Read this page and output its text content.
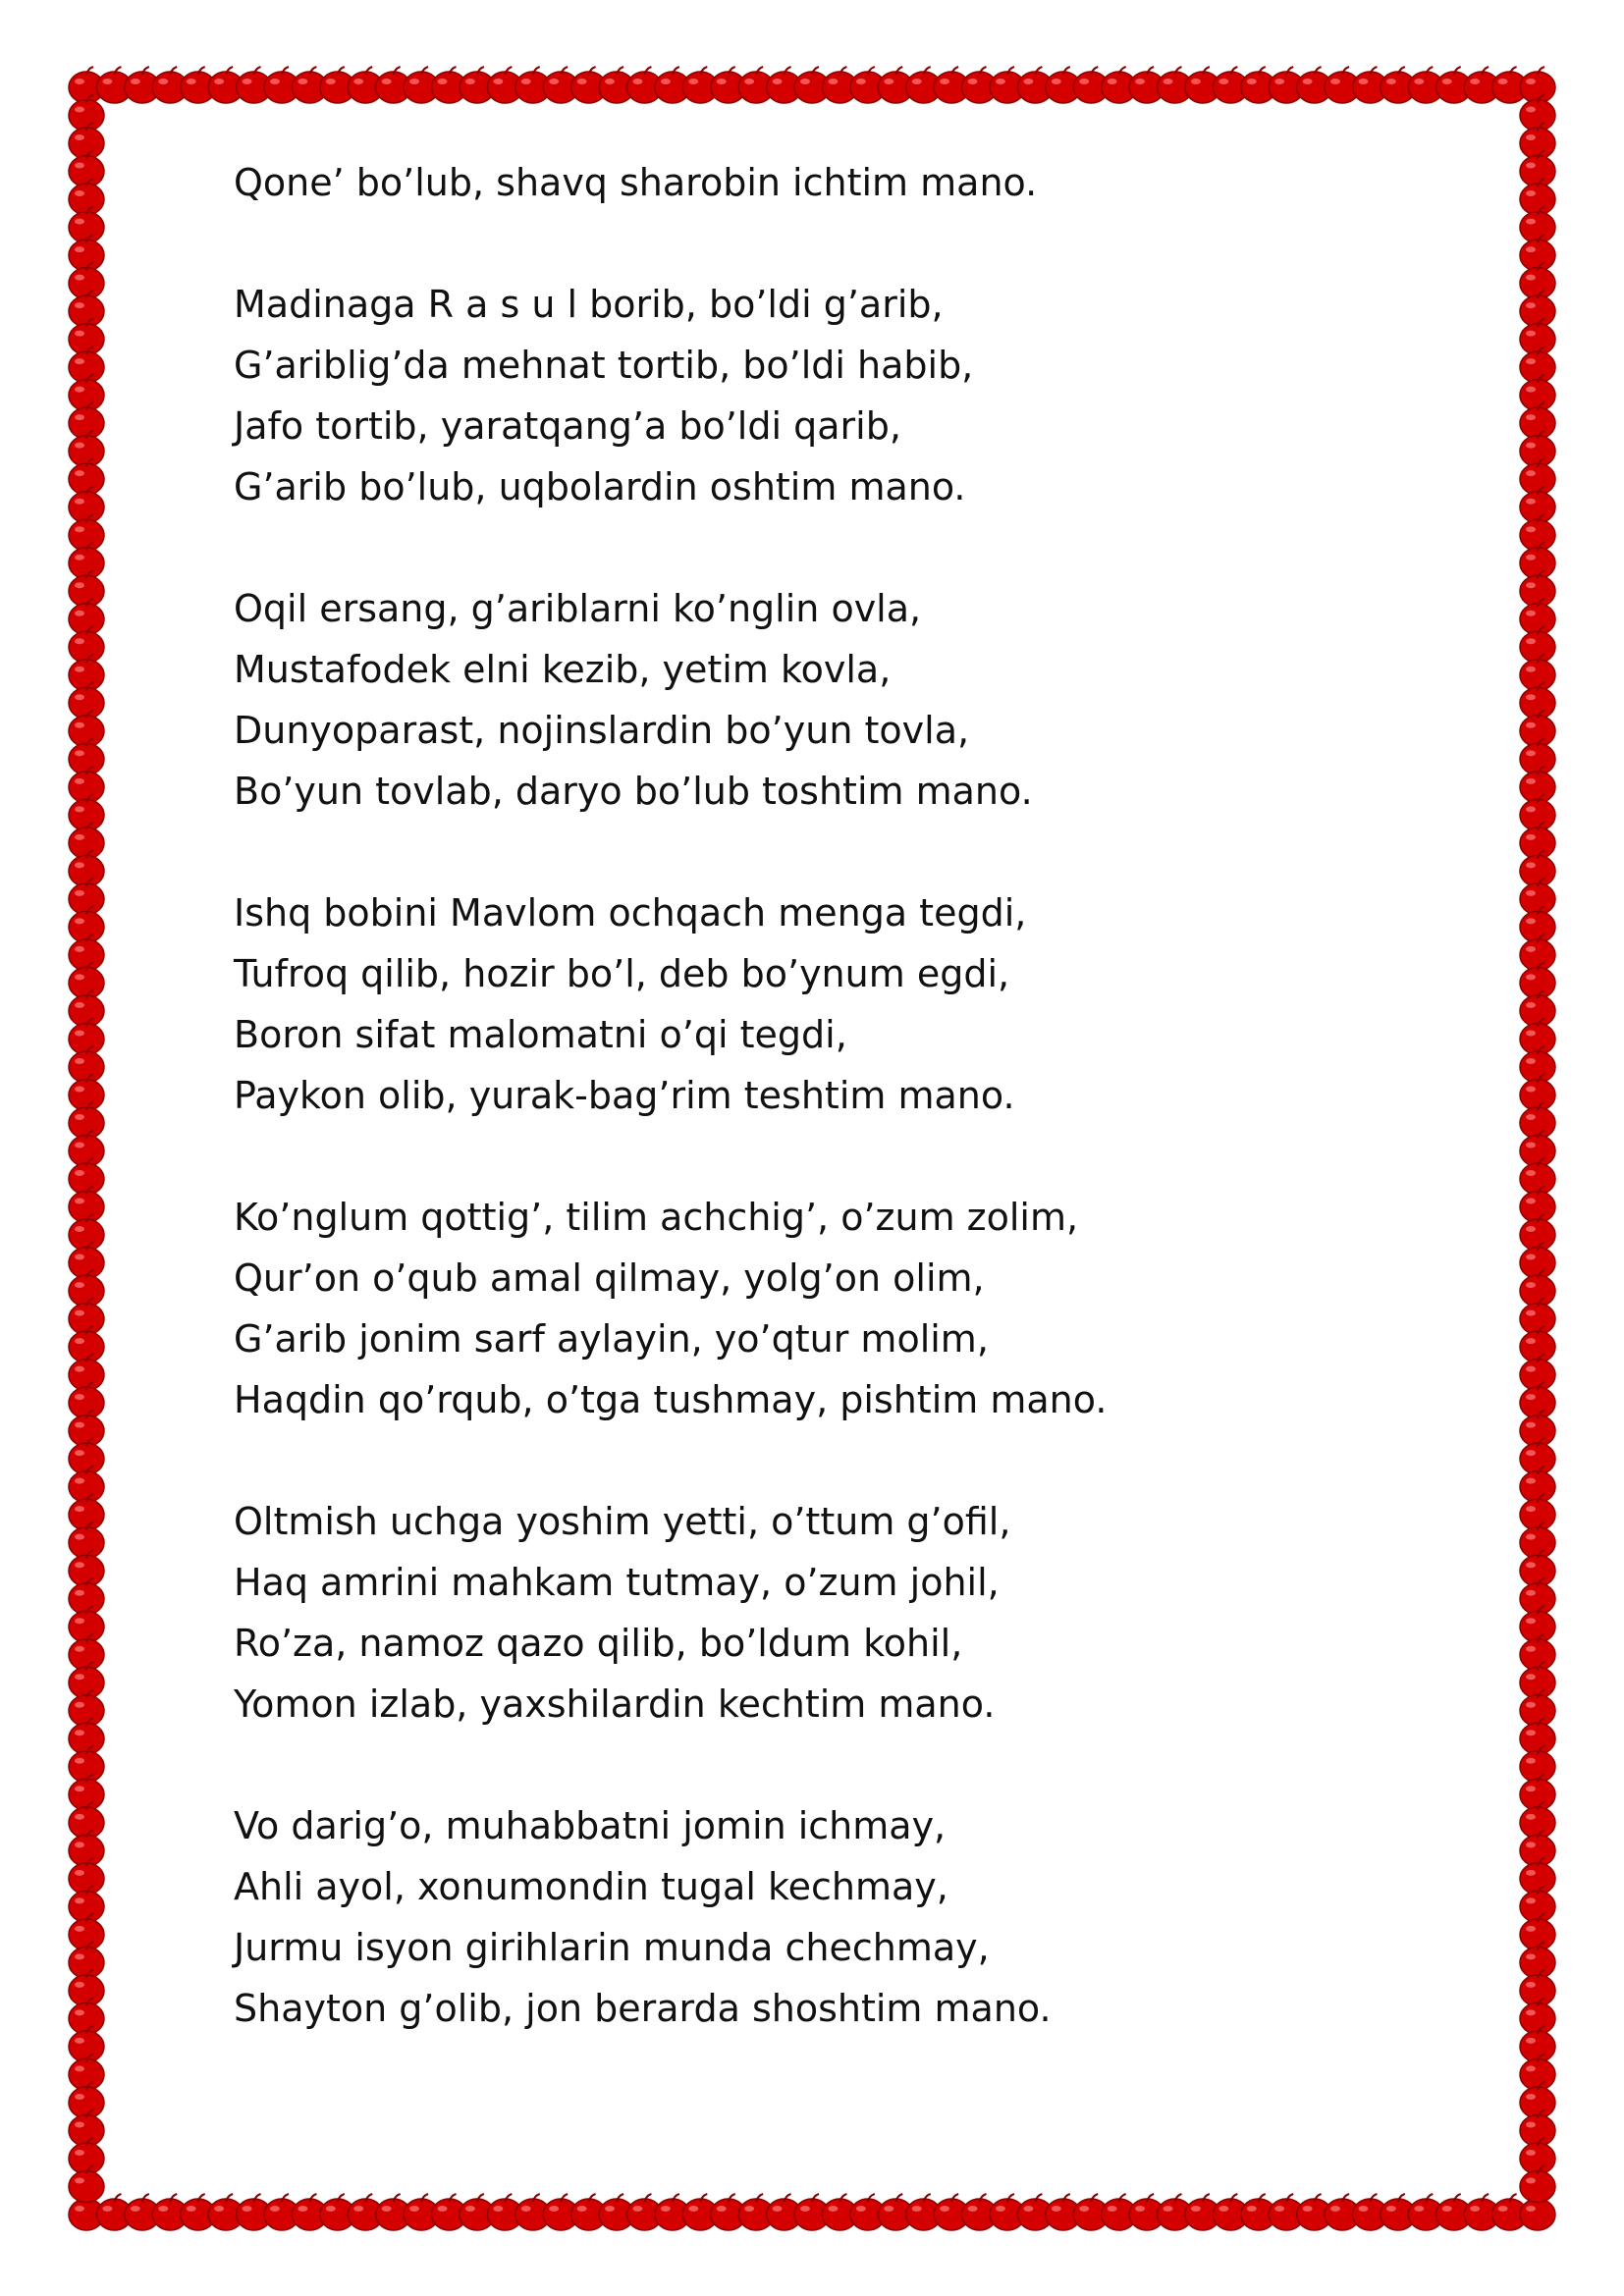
Qone’ bo’lub, shavq sharobin ichtim mano.
Madinaga R a s u l borib, bo’ldi g’arib,
G’ariblig’da mehnat tortib, bo’ldi habib,
Jafo tortib, yaratqang’a bo’ldi qarib,
G’arib bo’lub, uqbolardin oshtim mano.
Oqil ersang, g’ariblarni ko’nglin ovla,
Mustafodek elni kezib, yetim kovla,
Dunyoparast, nojinslardin bo’yun tovla,
Bo’yun tovlab, daryo bo’lub toshtim mano.
Ishq bobini Mavlom ochqach menga tegdi,
Tufroq qilib, hozir bo’l, deb bo’ynum egdi,
Boron sifat malomatni o’qi tegdi,
Paykon olib, yurak-bag’rim teshtim mano.
Ko’nglum qottig’, tilim achchig’, o’zum zolim,
Qur’on o’qub amal qilmay, yolg’on olim,
G’arib jonim sarf aylayin, yo’qtur molim,
Haqdin qo’rqub, o’tga tushmay, pishtim mano.
Oltmish uchga yoshim yetti, o’ttum g’ofil,
Haq amrini mahkam tutmay, o’zum johil,
Ro’za, namoz qazo qilib, bo’ldum kohil,
Yomon izlab, yaxshilardin kechtim mano.
Vo darig’o, muhabbatni jomin ichmay,
Ahli ayol, xonumondin tugal kechmay,
Jurmu isyon girihlarin munda chechmay,
Shayton g’olib, jon berarda shoshtim mano.
